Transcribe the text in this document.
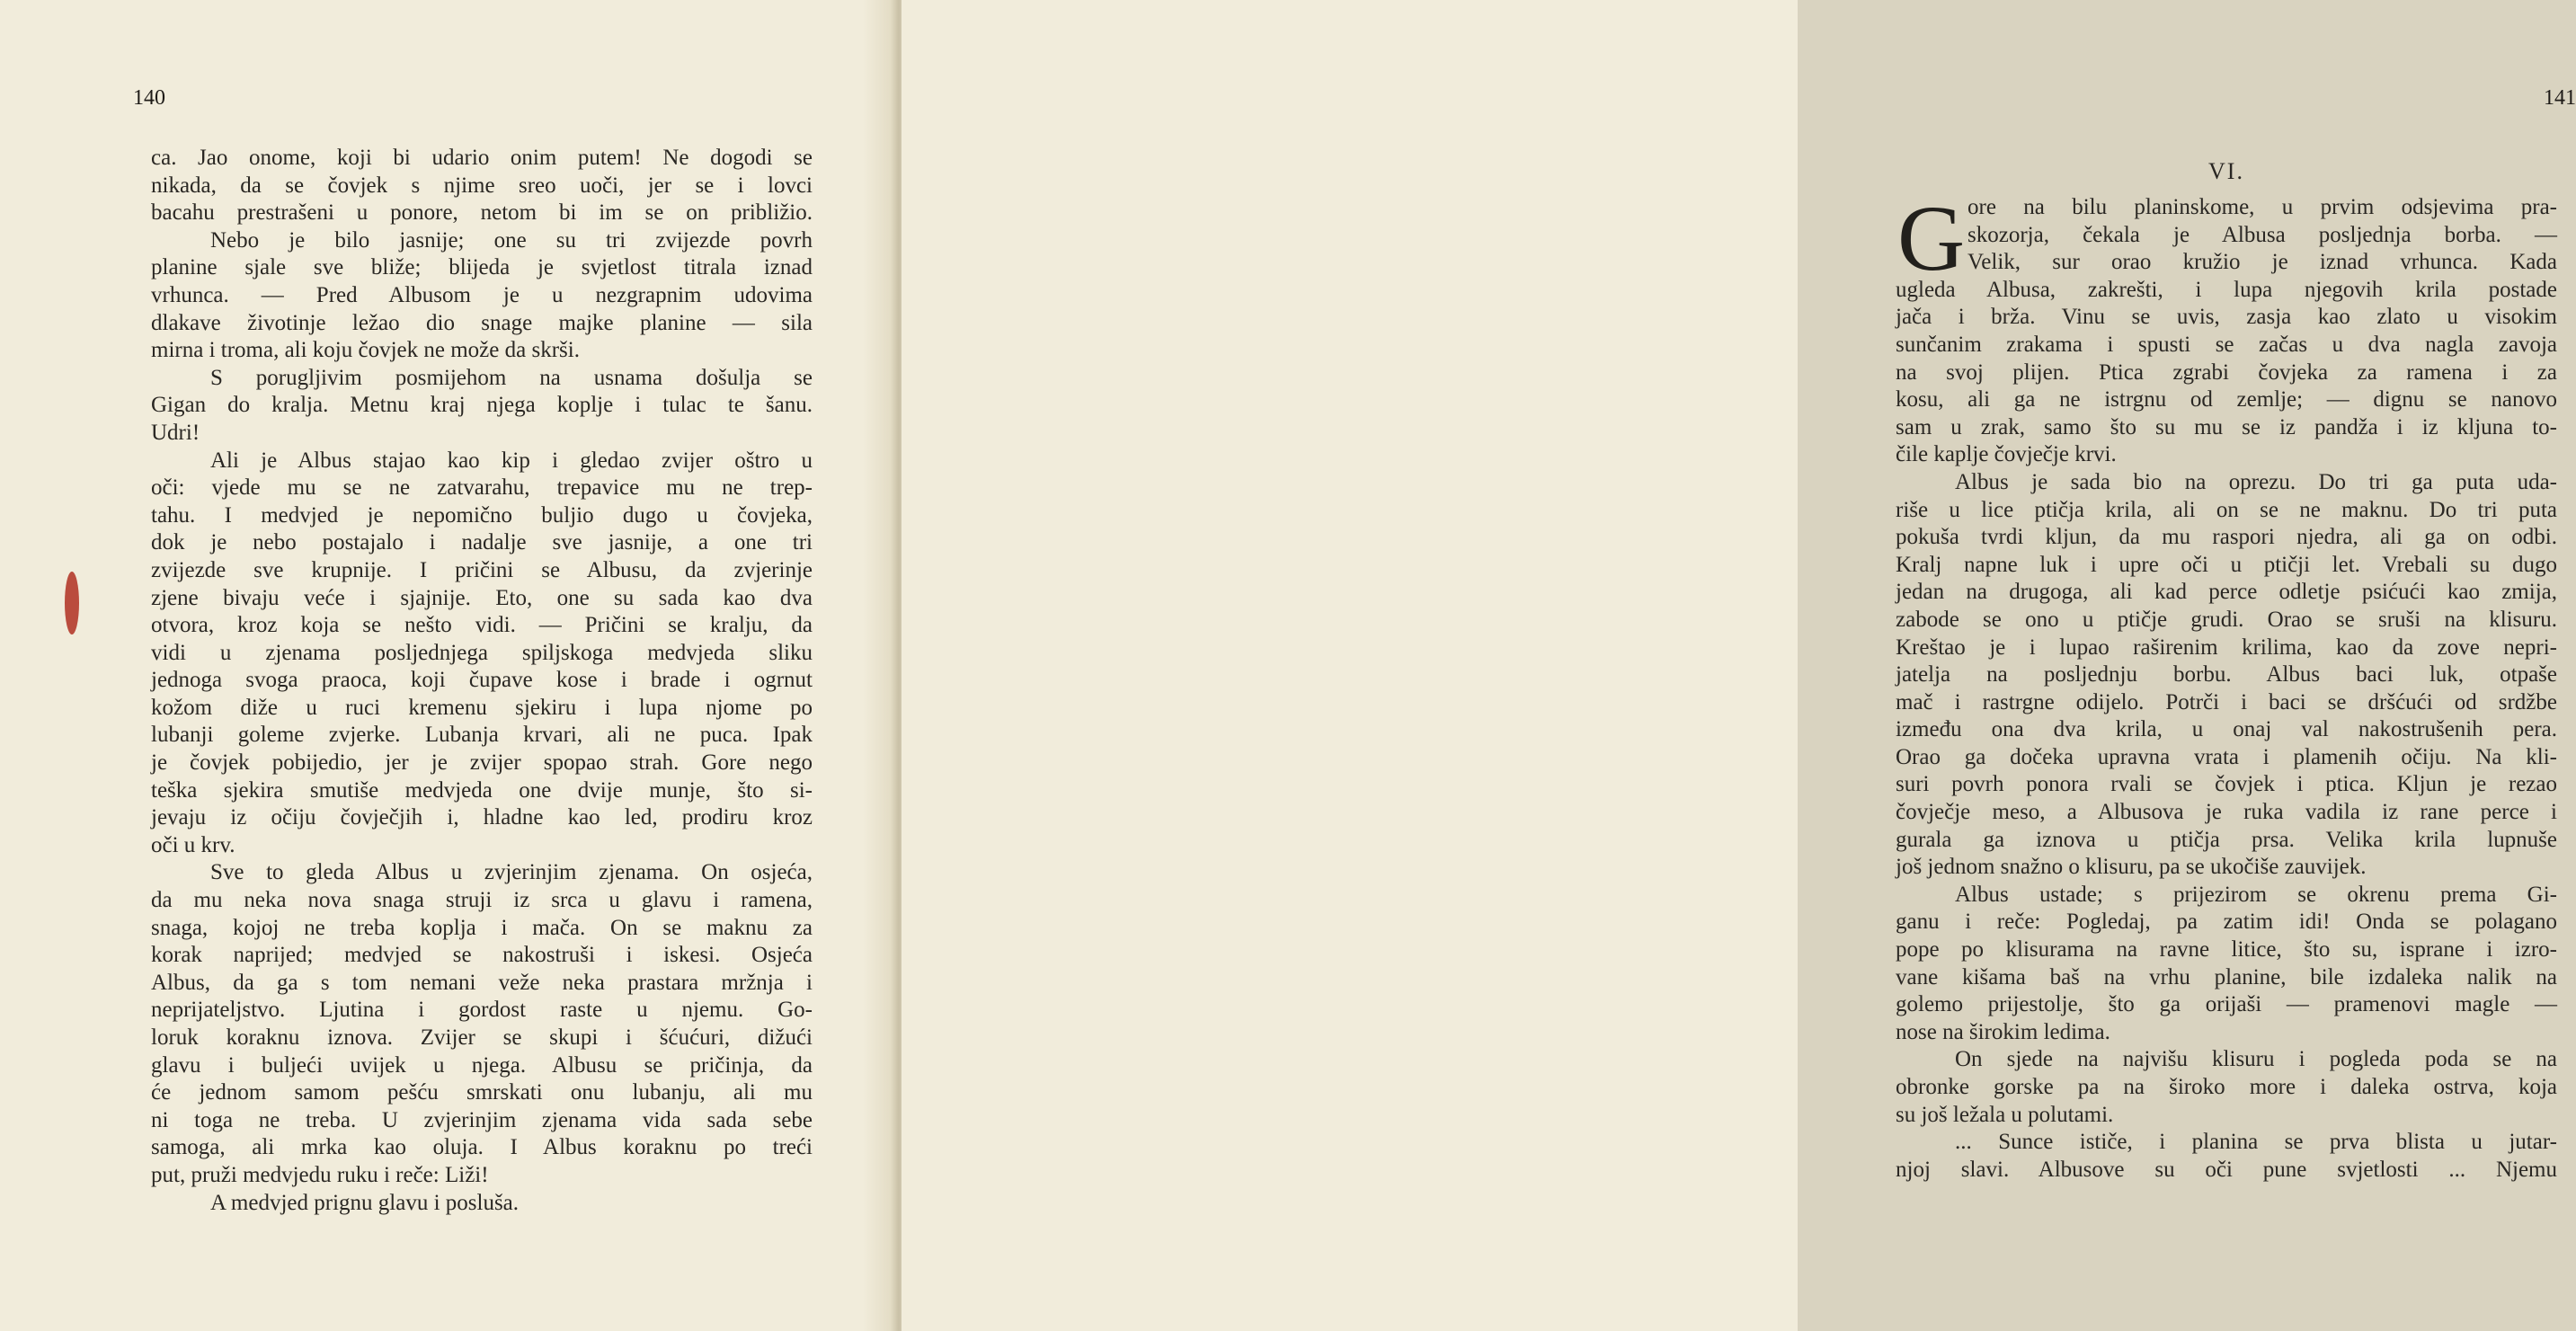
140
ca. Jao onome, koji bi udario onim putem! Ne dogodi se
nikada, da se čovjek s njime sreo uoči, jer se i lovci
bacahu prestrašeni u ponore, netom bi im se on približio.
Nebo je bilo jasnije; one su tri zvijezde povrh
planine sjale sve bliže; blijeda je svjetlost titrala iznad
vrhunca. — Pred Albusom je u nezgrapnim udovima
dlakave životinje ležao dio snage majke planine — sila
mirna i troma, ali koju čovjek ne može da skrši.
S porugljivim posmijehom na usnama došulja se
Gigan do kralja. Metnu kraj njega koplje i tulac te šanu.
Udri!
Ali je Albus stajao kao kip i gledao zvijer oštro u
oči: vjede mu se ne zatvarahu, trepavice mu ne trep-
tahu. I medvjed je nepomično buljio dugo u čovjeka,
dok je nebo postajalo i nadalje sve jasnije, a one tri
zvijezde sve krupnije. I pričini se Albusu, da zvjerinje
zjene bivaju veće i sjajnije. Eto, one su sada kao dva
otvora, kroz koja se nešto vidi. — Pričini se kralju, da
vidi u zjenama posljednjega spiljskoga medvjeda sliku
jednoga svoga praoca, koji čupave kose i brade i ogrnut
kožom diže u ruci kremenu sjekiru i lupa njome po
lubanji goleme zvjerke. Lubanja krvari, ali ne puca. Ipak
je čovjek pobijedio, jer je zvijer spopao strah. Gore nego
teška sjekira smutiše medvjeda one dvije munje, što si-
jevaju iz očiju čovječjih i, hladne kao led, prodiru kroz
oči u krv.
Sve to gleda Albus u zvjerinjim zjenama. On osjeća,
da mu neka nova snaga struji iz srca u glavu i ramena,
snaga, kojoj ne treba koplja i mača. On se maknu za
korak naprijed; medvjed se nakostruši i iskesi. Osjeća
Albus, da ga s tom nemani veže neka prastara mržnja i
neprijateljstvo. Ljutina i gordost raste u njemu. Go-
loruk koraknu iznova. Zvijer se skupi i šćućuri, dižući
glavu i buljeći uvijek u njega. Albusu se pričinja, da
će jednom samom pešću smrskati onu lubanju, ali mu
ni toga ne treba. U zvjerinjim zjenama vida sada sebe
samoga, ali mrka kao oluja. I Albus koraknu po treći
put, pruži medvjedu ruku i reče: Liži!
A medvjed prignu glavu i posluša.
141
VI.
G ore na bilu planinskome, u prvim odsjevima pra-
skozorja, čekala je Albusa posljednja borba. —
Velik, sur orao kružio je iznad vrhunca. Kada
ugleda Albusa, zakrešti, i lupa njegovih krila postade
jača i brža. Vinu se uvis, zasja kao zlato u visokim
sunčanim zrakama i spusti se začas u dva nagla zavoja
na svoj plijen. Ptica zgrabi čovjeka za ramena i za
kosu, ali ga ne istrgnu od zemlje; — dignu se nanovo
sam u zrak, samo što su mu se iz pandža i iz kljuna to-
čile kaplje čovječje krvi.
Albus je sada bio na oprezu. Do tri ga puta uda-
riše u lice ptičja krila, ali on se ne maknu. Do tri puta
pokuša tvrdi kljun, da mu raspori njedra, ali ga on odbi.
Kralj napne luk i upre oči u ptičji let. Vrebali su dugo
jedan na drugoga, ali kad perce odletje psićući kao zmija,
zabode se ono u ptičje grudi. Orao se sruši na klisuru.
Kreštao je i lupao raširenim krilima, kao da zove nepri-
jatelja na posljednju borbu. Albus baci luk, otpaše
mač i rastrgne odijelo. Potrči i baci se dršćući od srdžbe
između ona dva krila, u onaj val nakostrušenih pera.
Orao ga dočeka upravna vrata i plamenih očiju. Na kli-
suri povrh ponora rvali se čovjek i ptica. Kljun je rezao
čovječje meso, a Albusova je ruka vadila iz rane perce i
gurala ga iznova u ptičja prsa. Velika krila lupnuše
još jednom snažno o klisuru, pa se ukočiše zauvijek.
Albus ustade; s prijezirom se okrenu prema Gi-
ganu i reče: Pogledaj, pa zatim idi! Onda se polagano
pope po klisurama na ravne litice, što su, isprane i izro-
vane kišama baš na vrhu planine, bile izdaleka nalik na
golemo prijestolje, što ga orijaši — pramenovi magle —
nose na širokim ledima.
On sjede na najvišu klisuru i pogleda poda se na
obronke gorske pa na široko more i daleka ostrva, koja
su još ležala u polutami.
... Sunce ističe, i planina se prva blista u jutar-
njoj slavi. Albusove su oči pune svjetlosti ... Njemu
